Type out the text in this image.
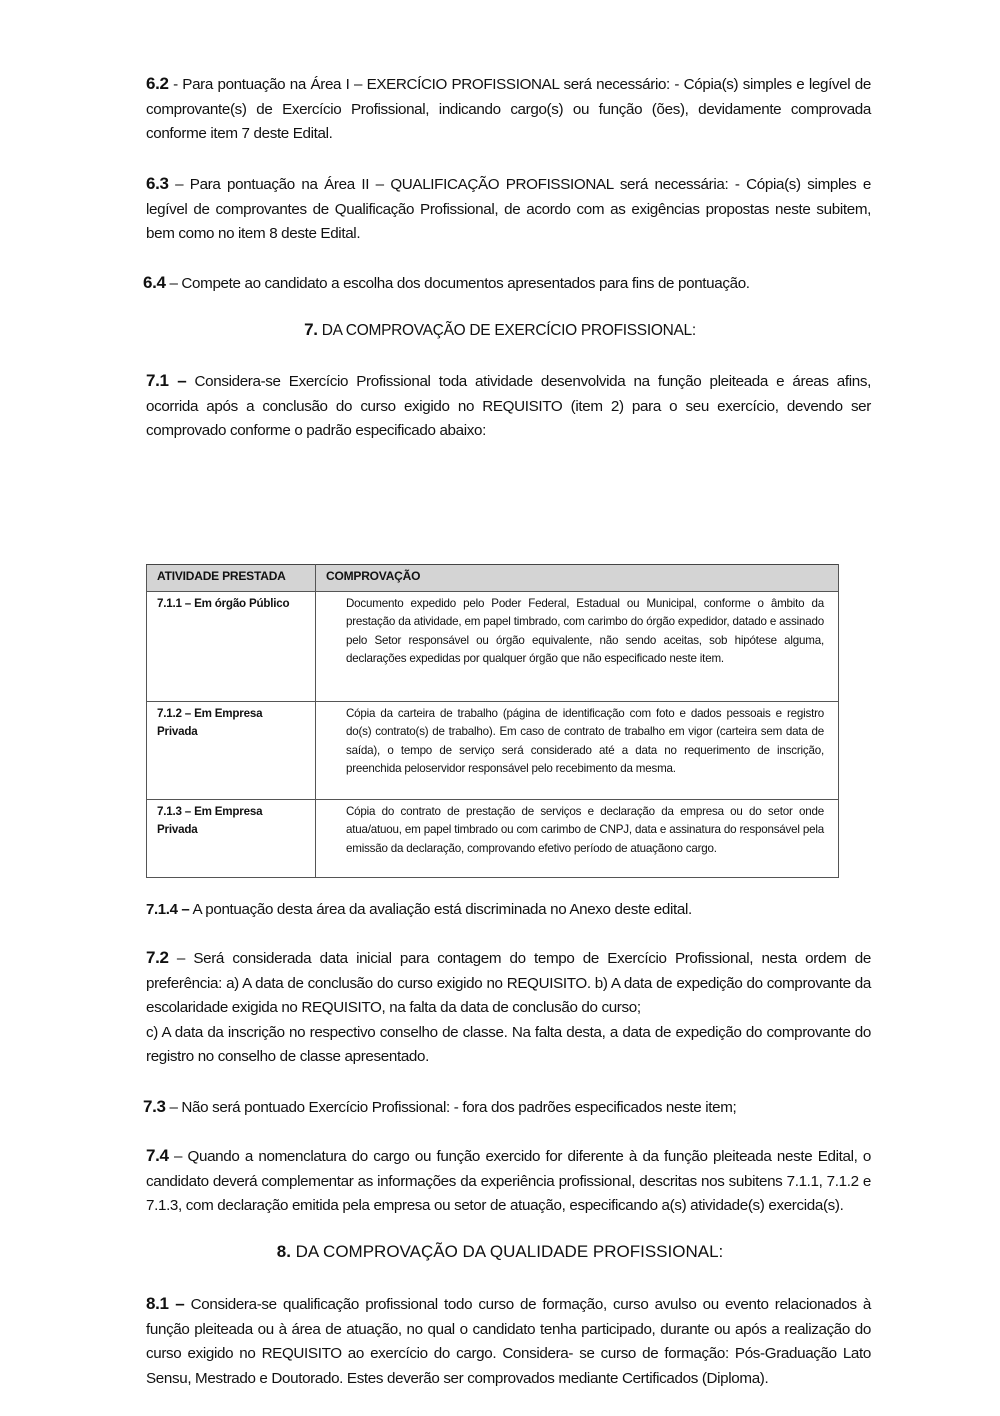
6.2 - Para pontuação na Área I – EXERCÍCIO PROFISSIONAL será necessário: - Cópia(s) simples e legível de comprovante(s) de Exercício Profissional, indicando cargo(s) ou função (ões), devidamente comprovada conforme item 7 deste Edital.

6.3 – Para pontuação na Área II – QUALIFICAÇÃO PROFISSIONAL será necessária: - Cópia(s) simples e legível de comprovantes de Qualificação Profissional, de acordo com as exigências propostas neste subitem, bem como no item 8 deste Edital.

6.4 – Compete ao candidato a escolha dos documentos apresentados para fins de pontuação.

7. DA COMPROVAÇÃO DE EXERCÍCIO PROFISSIONAL:

7.1 – Considera-se Exercício Profissional toda atividade desenvolvida na função pleiteada e áreas afins, ocorrida após a conclusão do curso exigido no REQUISITO (item 2) para o seu exercício, devendo ser comprovado conforme o padrão especificado abaixo:

ATIVIDADE PRESTADA	COMPROVAÇÃO
7.1.1 – Em órgão Público	Documento expedido pelo Poder Federal, Estadual ou Municipal, conforme o âmbito da prestação da atividade, em papel timbrado, com carimbo do órgão expedidor, datado e assinado pelo Setor responsável ou órgão equivalente, não sendo aceitas, sob hipótese alguma, declarações expedidas por qualquer órgão que não especificado neste item.
7.1.2 – Em Empresa Privada	Cópia da carteira de trabalho (página de identificação com foto e dados pessoais e registro do(s) contrato(s) de trabalho). Em caso de contrato de trabalho em vigor (carteira sem data de saída), o tempo de serviço será considerado até a data no requerimento de inscrição, preenchida peloservidor responsável pelo recebimento da mesma.
7.1.3 – Em Empresa Privada	Cópia do contrato de prestação de serviços e declaração da empresa ou do setor onde atua/atuou, em papel timbrado ou com carimbo de CNPJ, data e assinatura do responsável pela emissão da declaração, comprovando efetivo período de atuaçãono cargo.

7.1.4 – A pontuação desta área da avaliação está discriminada no Anexo deste edital.

7.2 – Será considerada data inicial para contagem do tempo de Exercício Profissional, nesta ordem de preferência: a) A data de conclusão do curso exigido no REQUISITO. b) A data de expedição do comprovante da escolaridade exigida no REQUISITO, na falta da data de conclusão do curso;
c) A data da inscrição no respectivo conselho de classe. Na falta desta, a data de expedição do comprovante do registro no conselho de classe apresentado.

7.3 – Não será pontuado Exercício Profissional: - fora dos padrões especificados neste item;

7.4 – Quando a nomenclatura do cargo ou função exercido for diferente à da função pleiteada neste Edital, o candidato deverá complementar as informações da experiência profissional, descritas nos subitens 7.1.1, 7.1.2 e 7.1.3, com declaração emitida pela empresa ou setor de atuação, especificando a(s) atividade(s) exercida(s).

8. DA COMPROVAÇÃO DA QUALIDADE PROFISSIONAL:

8.1 – Considera-se qualificação profissional todo curso de formação, curso avulso ou evento relacionados à função pleiteada ou à área de atuação, no qual o candidato tenha participado, durante ou após a realização do curso exigido no REQUISITO ao exercício do cargo. Considera- se curso de formação: Pós-Graduação Lato Sensu, Mestrado e Doutorado. Estes deverão ser comprovados mediante Certificados (Diploma).
